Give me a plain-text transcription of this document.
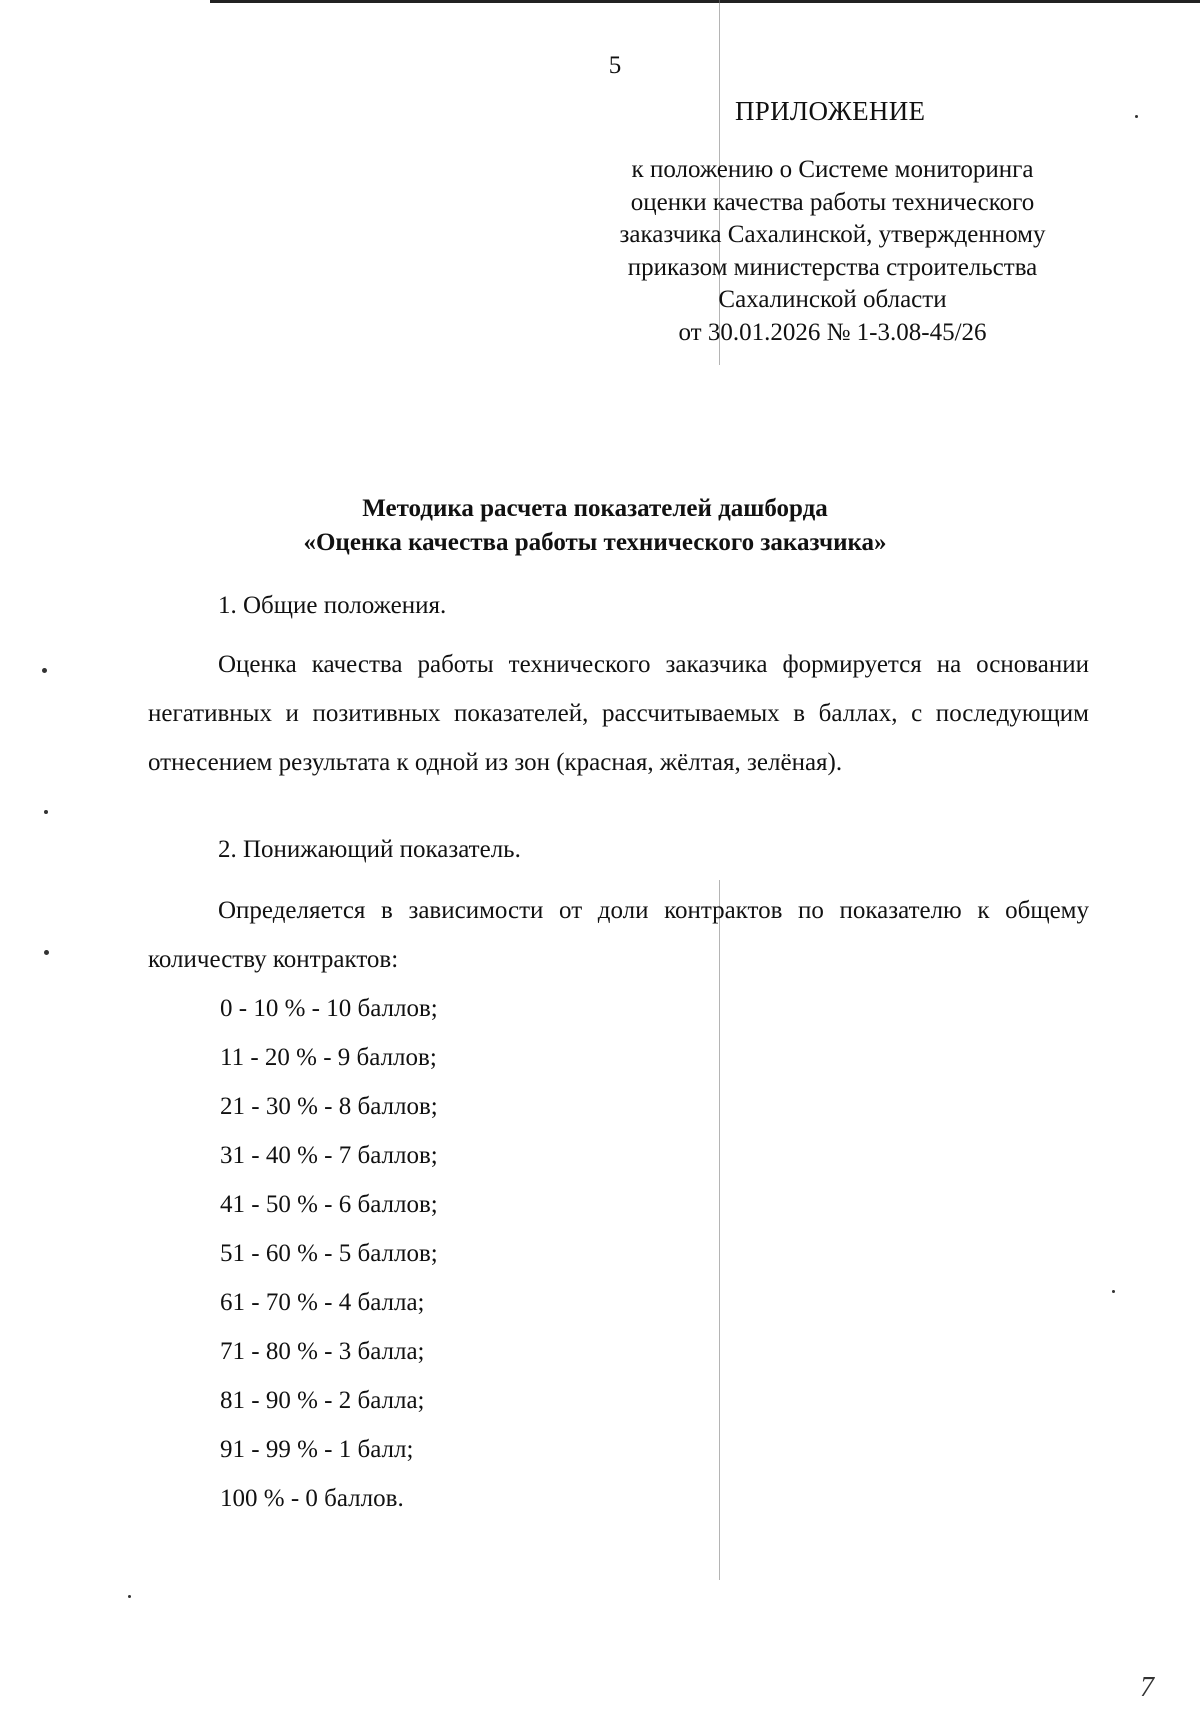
5
ПРИЛОЖЕНИЕ
к положению о Системе мониторинга
оценки качества работы технического
заказчика Сахалинской, утвержденному
приказом министерства строительства
Сахалинской области
от 30.01.2026 № 1-3.08-45/26
Методика расчета показателей дашборда
«Оценка качества работы технического заказчика»
1. Общие положения.
Оценка качества работы технического заказчика формируется на основании негативных и позитивных показателей, рассчитываемых в баллах, с последующим отнесением результата к одной из зон (красная, жёлтая, зелёная).
2. Понижающий показатель.
Определяется в зависимости от доли контрактов по показателю к общему количеству контрактов:
0 - 10 % - 10 баллов;
11 - 20 % - 9 баллов;
21 - 30 % - 8 баллов;
31 - 40 % - 7 баллов;
41 - 50 % - 6 баллов;
51 - 60 % - 5 баллов;
61 - 70 % - 4 балла;
71 - 80 % - 3 балла;
81 - 90 % - 2 балла;
91 - 99 % - 1 балл;
100 % - 0 баллов.
7
